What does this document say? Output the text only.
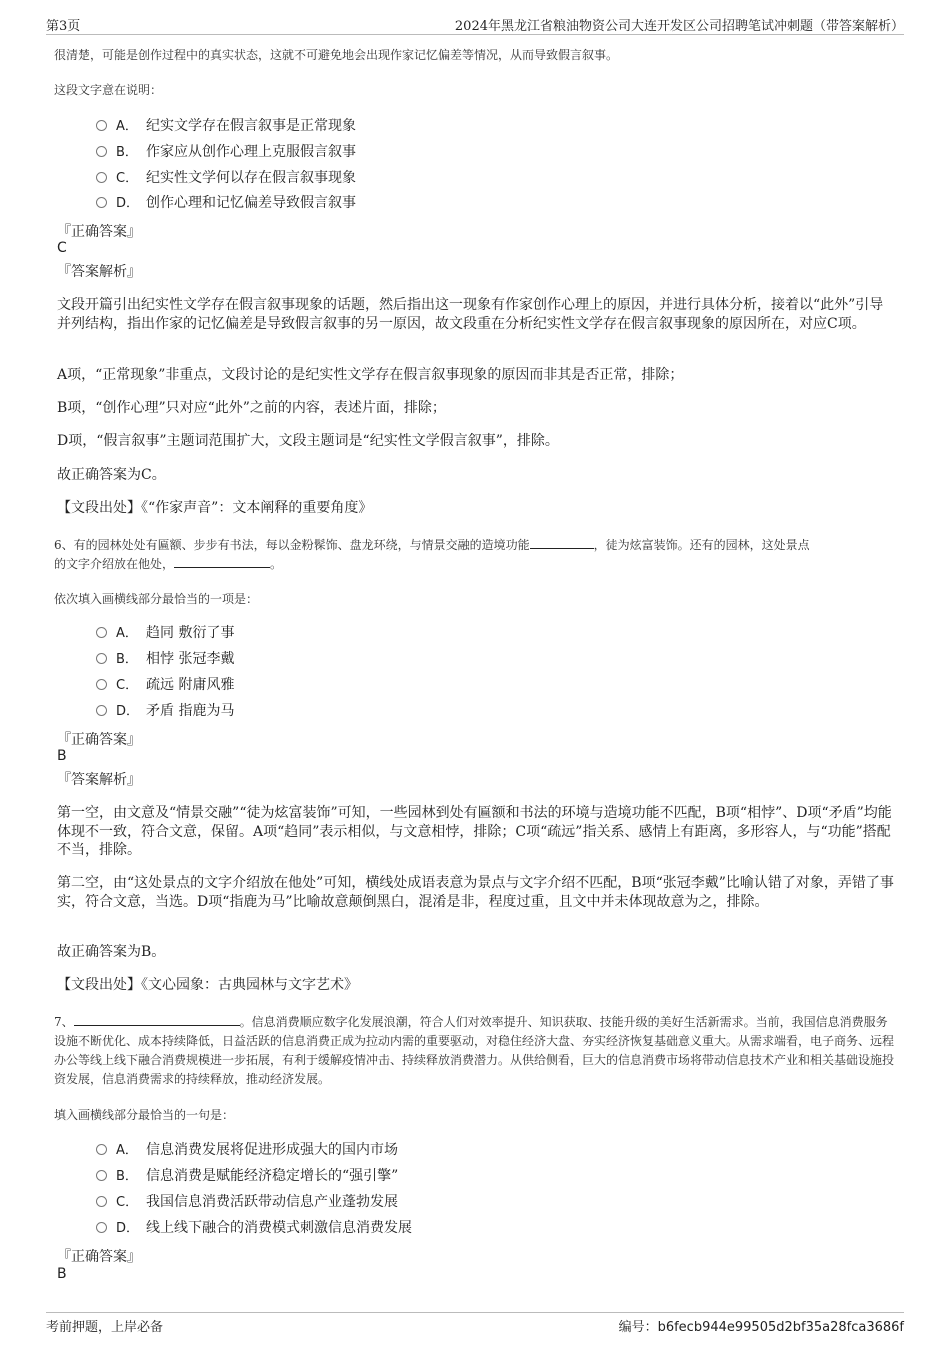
第3页	2024年黑龙江省粮油物资公司大连开发区公司招聘笔试冲刺题（带答案解析）
很清楚，可能是创作过程中的真实状态，这就不可避免地会出现作家记忆偏差等情况，从而导致假言叙事。
这段文字意在说明：
A． 纪实文学存在假言叙事是正常现象
B． 作家应从创作心理上克服假言叙事
C． 纪实性文学何以存在假言叙事现象
D． 创作心理和记忆偏差导致假言叙事
『正确答案』
C
『答案解析』
文段开篇引出纪实性文学存在假言叙事现象的话题，然后指出这一现象有作家创作心理上的原因，并进行具体分析，接着以“此外”引导并列结构，指出作家的记忆偏差是导致假言叙事的另一原因，故文段重在分析纪实性文学存在假言叙事现象的原因所在，对应C项。
A项，“正常现象”非重点，文段讨论的是纪实性文学存在假言叙事现象的原因而非其是否正常，排除；
B项，“创作心理”只对应“此外”之前的内容，表述片面，排除；
D项，“假言叙事”主题词范围扩大，文段主题词是“纪实性文学假言叙事”，排除。
故正确答案为C。
【文段出处】《“作家声音”：文本阐释的重要角度》
6、有的园林处处有匾额、步步有书法，每以金粉髹饰、盘龙环绕，与情景交融的造境功能	，徒为炫富装饰。还有的园林，这处景点
的文字介绍放在他处，	。
依次填入画横线部分最恰当的一项是：
A． 趋同 敷衍了事
B． 相悖 张冠李戴
C． 疏远 附庸风雅
D． 矛盾 指鹿为马
『正确答案』
B
『答案解析』
第一空，由文意及“情景交融”“徒为炫富装饰”可知，一些园林到处有匾额和书法的环境与造境功能不匹配，B项“相悖”、D项“矛盾”均能体现不一致，符合文意，保留。A项“趋同”表示相似，与文意相悖，排除；C项“疏远”指关系、感情上有距离，多形容人，与“功能”搭配不当，排除。
第二空，由“这处景点的文字介绍放在他处”可知，横线处成语表意为景点与文字介绍不匹配，B项“张冠李戴”比喻认错了对象，弄错了事实，符合文意，当选。D项“指鹿为马”比喻故意颠倒黑白，混淆是非，程度过重，且文中并未体现故意为之，排除。
故正确答案为B。
【文段出处】《文心园象：古典园林与文字艺术》
7、	。信息消费顺应数字化发展浪潮，符合人们对效率提升、知识获取、技能升级的美好生活新需求。当前，我国信息消费服务设施不断优化、成本持续降低，日益活跃的信息消费正成为拉动内需的重要驱动，对稳住经济大盘、夯实经济恢复基础意义重大。从需求端看，电子商务、远程办公等线上线下融合消费规模进一步拓展，有利于缓解疫情冲击、持续释放消费潜力。从供给侧看，巨大的信息消费市场将带动信息技术产业和相关基础设施投资发展，信息消费需求的持续释放，推动经济发展。
填入画横线部分最恰当的一句是：
A． 信息消费发展将促进形成强大的国内市场
B． 信息消费是赋能经济稳定增长的“强引擎”
C． 我国信息消费活跃带动信息产业蓬勃发展
D． 线上线下融合的消费模式刺激信息消费发展
『正确答案』
B
考前押题，上岸必备	编号：b6fecb944e99505d2bf35a28fca3686f
